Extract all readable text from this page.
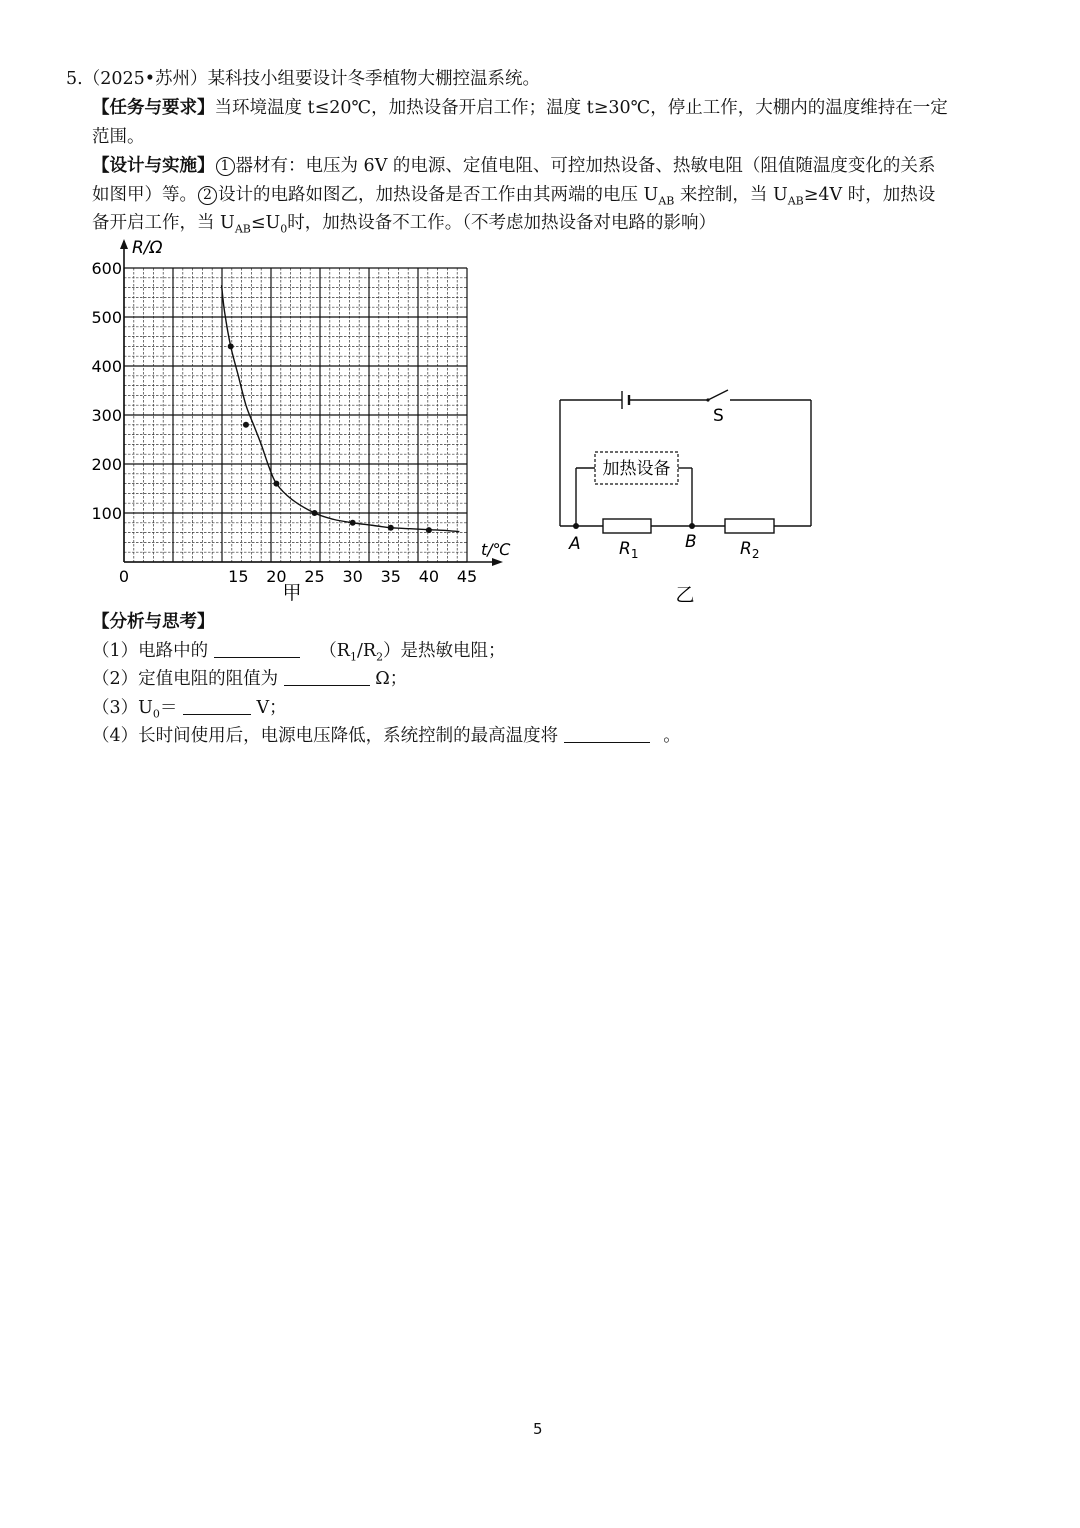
5.（2025•苏州）某科技小组要设计冬季植物大棚控温系统。
【任务与要求】当环境温度 t≤20℃，加热设备开启工作；温度 t≥30℃，停止工作，大棚内的温度维持在一定
范围。
【设计与实施】 1 器材有：电压为 6V 的电源、定值电阻、可控加热设备、热敏电阻（阻值随温度变化的关系
如图甲）等。 2 设计的电路如图乙，加热设备是否工作由其两端的电压 $U_{AB}$ 来控制，当 $U_{AB}\ge 4V$ 时，加热设
备开启工作，当 $U_{AB}\le U_0$时，加热设备不工作。（不考虑加热设备对电路的影响）
R/Ω
t/℃
0	15 20 25 30 35 40 45
100
200
300
400
500
600
甲
S
加热设备
A	B
$R_1$	$R_2$
乙
【分析与思考】
（1）电路中的	$(R_1/R_2)$是热敏电阻；
（2）定值电阻的阻值为	Ω；
$(3)U_0=$	V；
（4）长时间使用后，电源电压降低，系统控制的最高温度将	。
5
